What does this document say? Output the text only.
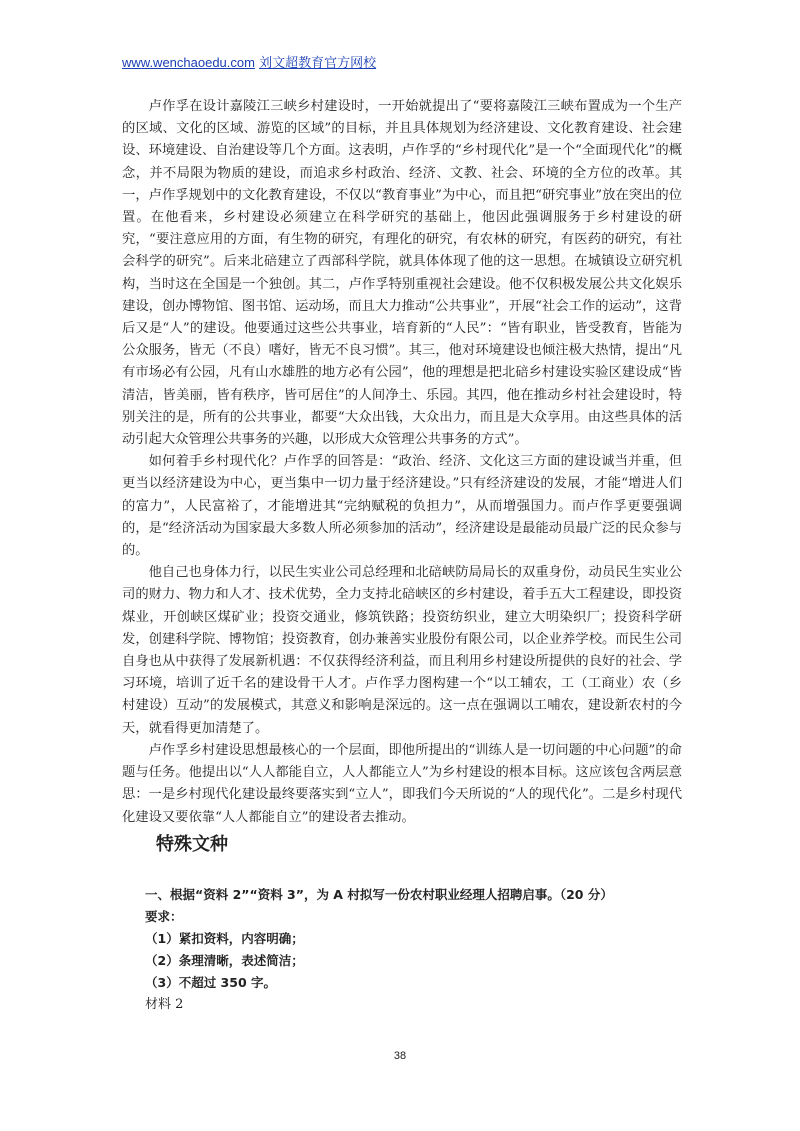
www.wenchaoedu.com 刘文超教育官方网校

卢作孚在设计嘉陵江三峡乡村建设时，一开始就提出了“要将嘉陵江三峡布置成为一个生产的区域、文化的区域、游览的区域”的目标，并且具体规划为经济建设、文化教育建设、社会建设、环境建设、自治建设等几个方面。这表明，卢作孚的“乡村现代化”是一个“全面现代化”的概念，并不局限为物质的建设，而追求乡村政治、经济、文教、社会、环境的全方位的改革。其一，卢作孚规划中的文化教育建设，不仅以“教育事业”为中心，而且把“研究事业”放在突出的位置。在他看来，乡村建设必须建立在科学研究的基础上，他因此强调服务于乡村建设的研究，“要注意应用的方面，有生物的研究，有理化的研究，有农林的研究，有医药的研究，有社会科学的研究”。后来北碚建立了西部科学院，就具体体现了他的这一思想。在城镇设立研究机构，当时这在全国是一个独创。其二，卢作孚特别重视社会建设。他不仅积极发展公共文化娱乐建设，创办博物馆、图书馆、运动场，而且大力推动“公共事业”，开展“社会工作的运动”，这背后又是“人”的建设。他要通过这些公共事业，培育新的“人民”：“皆有职业，皆受教育，皆能为公众服务，皆无（不良）嗜好，皆无不良习惯”。其三，他对环境建设也倾注极大热情，提出“凡有市场必有公园，凡有山水雄胜的地方必有公园”，他的理想是把北碚乡村建设实验区建设成“皆清洁，皆美丽，皆有秩序，皆可居住”的人间净土、乐园。其四，他在推动乡村社会建设时，特别关注的是，所有的公共事业，都要“大众出钱，大众出力，而且是大众享用。由这些具体的活动引起大众管理公共事务的兴趣，以形成大众管理公共事务的方式”。

如何着手乡村现代化？卢作孚的回答是：“政治、经济、文化这三方面的建设诚当并重，但更当以经济建设为中心，更当集中一切力量于经济建设。”只有经济建设的发展，才能“增进人们的富力”，人民富裕了，才能增进其“完纳赋税的负担力”，从而增强国力。而卢作孚更要强调的，是“经济活动为国家最大多数人所必须参加的活动”，经济建设是最能动员最广泛的民众参与的。

他自己也身体力行，以民生实业公司总经理和北碚峡防局局长的双重身份，动员民生实业公司的财力、物力和人才、技术优势，全力支持北碚峡区的乡村建设，着手五大工程建设，即投资煤业，开创峡区煤矿业；投资交通业，修筑铁路；投资纺织业，建立大明染织厂；投资科学研发，创建科学院、博物馆；投资教育，创办兼善实业股份有限公司，以企业养学校。而民生公司自身也从中获得了发展新机遇：不仅获得经济利益，而且利用乡村建设所提供的良好的社会、学习环境，培训了近千名的建设骨干人才。卢作孚力图构建一个“以工辅农，工（工商业）农（乡村建设）互动”的发展模式，其意义和影响是深远的。这一点在强调以工哺农，建设新农村的今天，就看得更加清楚了。

卢作孚乡村建设思想最核心的一个层面，即他所提出的“训练人是一切问题的中心问题”的命题与任务。他提出以“人人都能自立，人人都能立人”为乡村建设的根本目标。这应该包含两层意思：一是乡村现代化建设最终要落实到“立人”，即我们今天所说的“人的现代化”。二是乡村现代化建设又要依靠“人人都能自立”的建设者去推动。

特殊文种
一、根据“资料 2”“资料 3”，为 A 村拟写一份农村职业经理人招聘启事。（20 分）
要求：
（1）紧扣资料，内容明确；
（2）条理清晰，表述简洁；
（3）不超过 350 字。
材料 2
38
